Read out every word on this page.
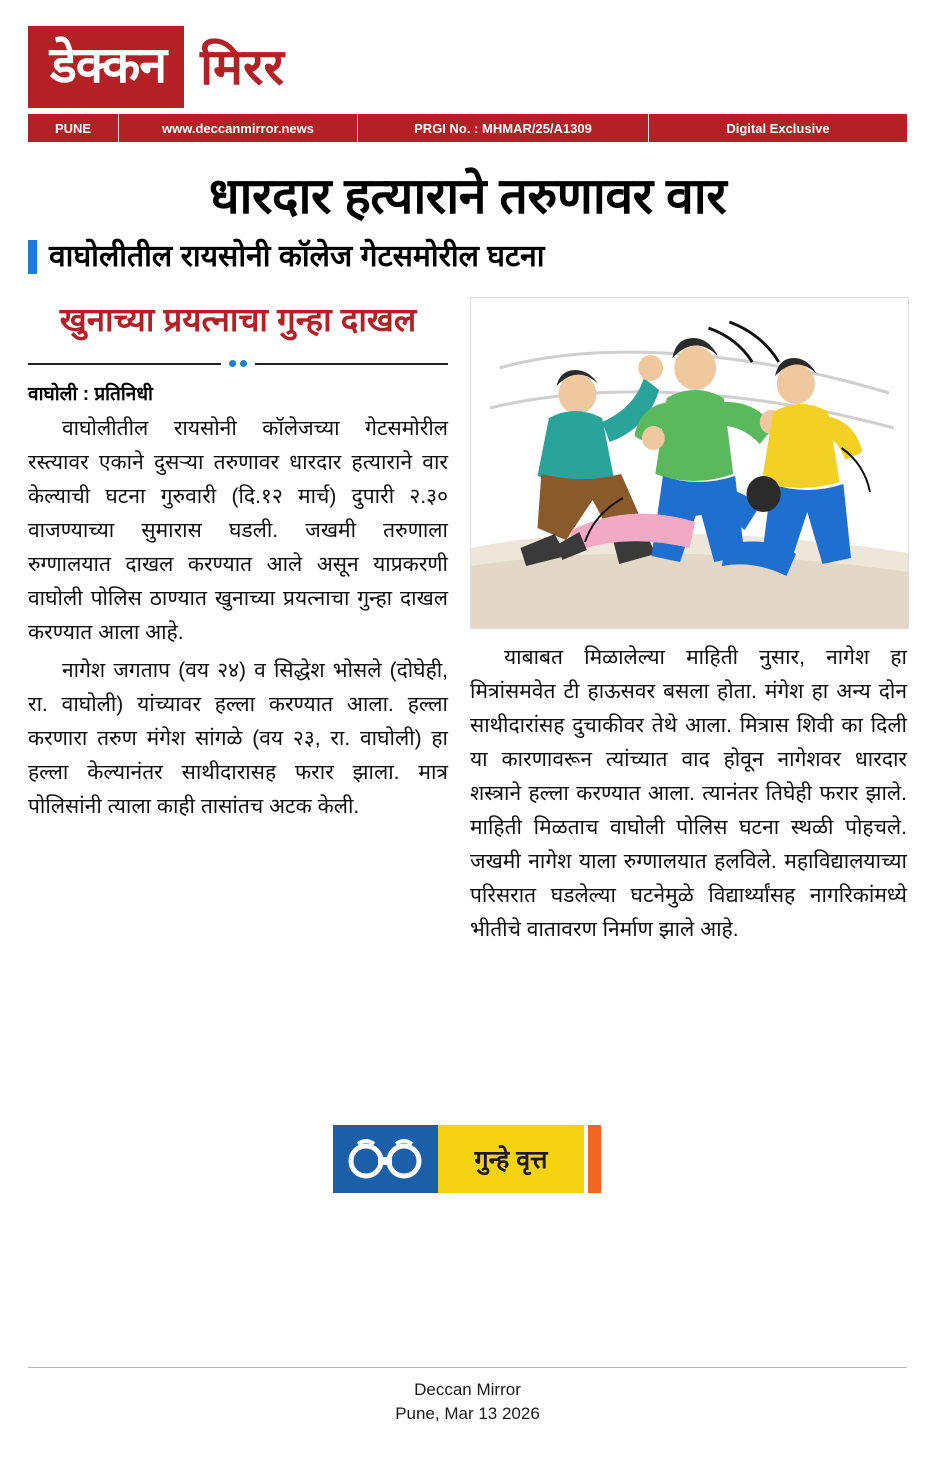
डेक्कन मिरर
PUNE	www.deccanmirror.news	PRGI No. : MHMAR/25/A1309	Digital Exclusive
धारदार हत्याराने तरुणावर वार
वाघोलीतील रायसोनी कॉलेज गेटसमोरील घटना
खुनाच्या प्रयत्नाचा गुन्हा दाखल
वाघोली : प्रतिनिधी

वाघोलीतील रायसोनी कॉलेजच्या गेटसमोरील रस्त्यावर एकाने दुसऱ्या तरुणावर धारदार हत्याराने वार केल्याची घटना गुरुवारी (दि.१२ मार्च) दुपारी २.३० वाजण्याच्या सुमारास घडली. जखमी तरुणाला रुग्णालयात दाखल करण्यात आले असून याप्रकरणी वाघोली पोलिस ठाण्यात खुनाच्या प्रयत्नाचा गुन्हा दाखल करण्यात आला आहे.

नागेश जगताप (वय २४) व सिद्धेश भोसले (दोघेही, रा. वाघोली) यांच्यावर हल्ला करण्यात आला. हल्ला करणारा तरुण मंगेश सांगळे (वय २३, रा. वाघोली) हा हल्ला केल्यानंतर साथीदारासह फरार झाला. मात्र पोलिसांनी त्याला काही तासांतच अटक केली.

याबाबत मिळालेल्या माहिती नुसार, नागेश हा मित्रांसमवेत टी हाऊसवर बसला होता. मंगेश हा अन्य दोन साथीदारांसह दुचाकीवर तेथे आला. मित्रास शिवी का दिली या कारणावरून त्यांच्यात वाद होवून नागेशवर धारदार शस्त्राने हल्ला करण्यात आला. त्यानंतर तिघेही फरार झाले. माहिती मिळताच वाघोली पोलिस घटना स्थळी पोहचले. जखमी नागेश याला रुग्णालयात हलविले. महाविद्यालयाच्या परिसरात घडलेल्या घटनेमुळे विद्यार्थ्यांसह नागरिकांमध्ये भीतीचे वातावरण निर्माण झाले आहे.

गुन्हे वृत्त
Deccan Mirror
Pune, Mar 13 2026
